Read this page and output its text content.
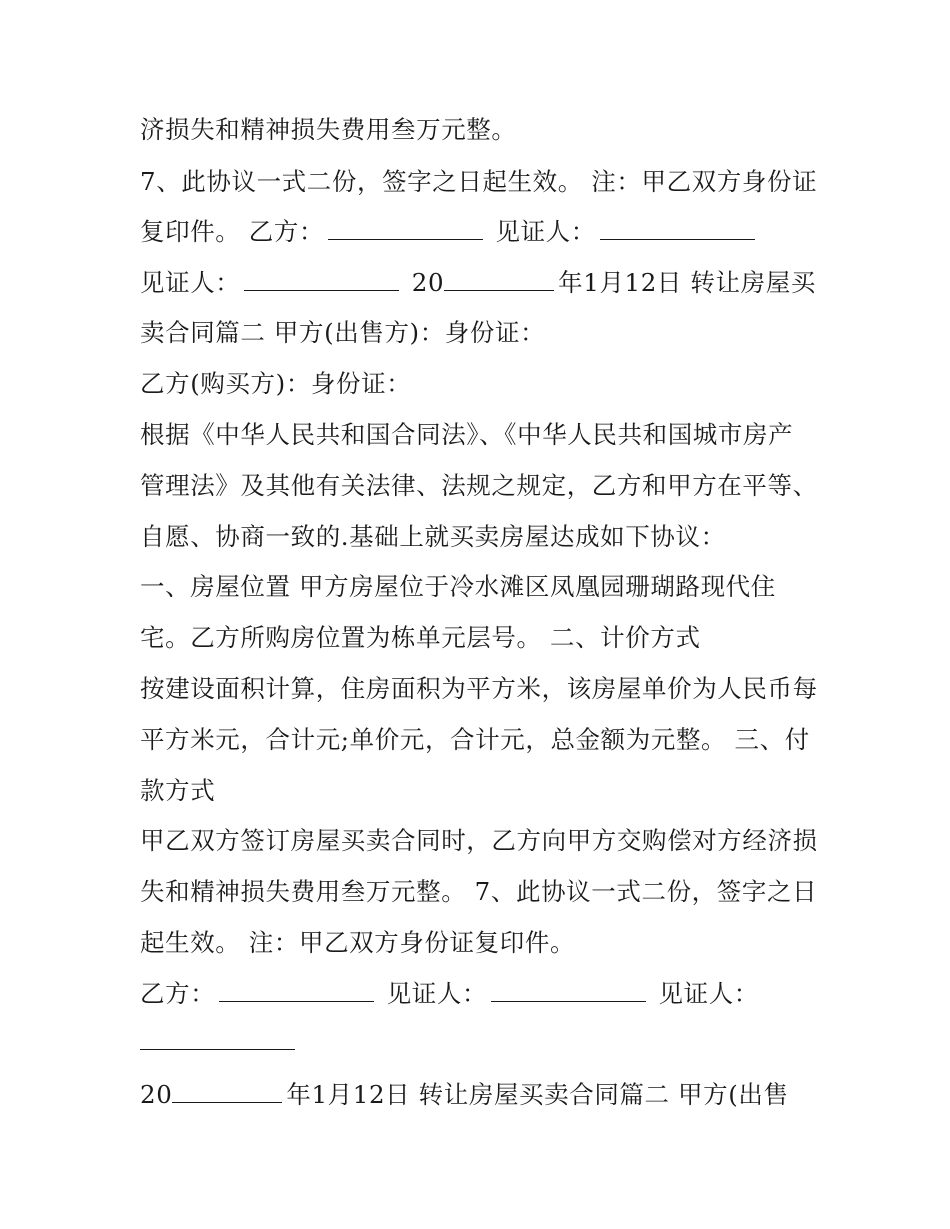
济损失和精神损失费用叁万元整。
7、此协议一式二份，签字之日起生效。 注：甲乙双方身份证
复印件。 乙方：	见证人：
见证人：	20	年1月12日 转让房屋买
卖合同篇二 甲方(出售方)：身份证：
乙方(购买方)：身份证：
根据《中华人民共和国合同法》、《中华人民共和国城市房产
管理法》及其他有关法律、法规之规定，乙方和甲方在平等、
自愿、协商一致的.基础上就买卖房屋达成如下协议：
一、房屋位置 甲方房屋位于冷水滩区凤凰园珊瑚路现代住
宅。乙方所购房位置为栋单元层号。 二、计价方式
按建设面积计算，住房面积为平方米，该房屋单价为人民币每
平方米元，合计元;单价元，合计元，总金额为元整。 三、付
款方式
甲乙双方签订房屋买卖合同时，乙方向甲方交购偿对方经济损
失和精神损失费用叁万元整。 7、此协议一式二份，签字之日
起生效。 注：甲乙双方身份证复印件。
乙方：	见证人：	见证人：
20	年1月12日 转让房屋买卖合同篇二 甲方(出售
